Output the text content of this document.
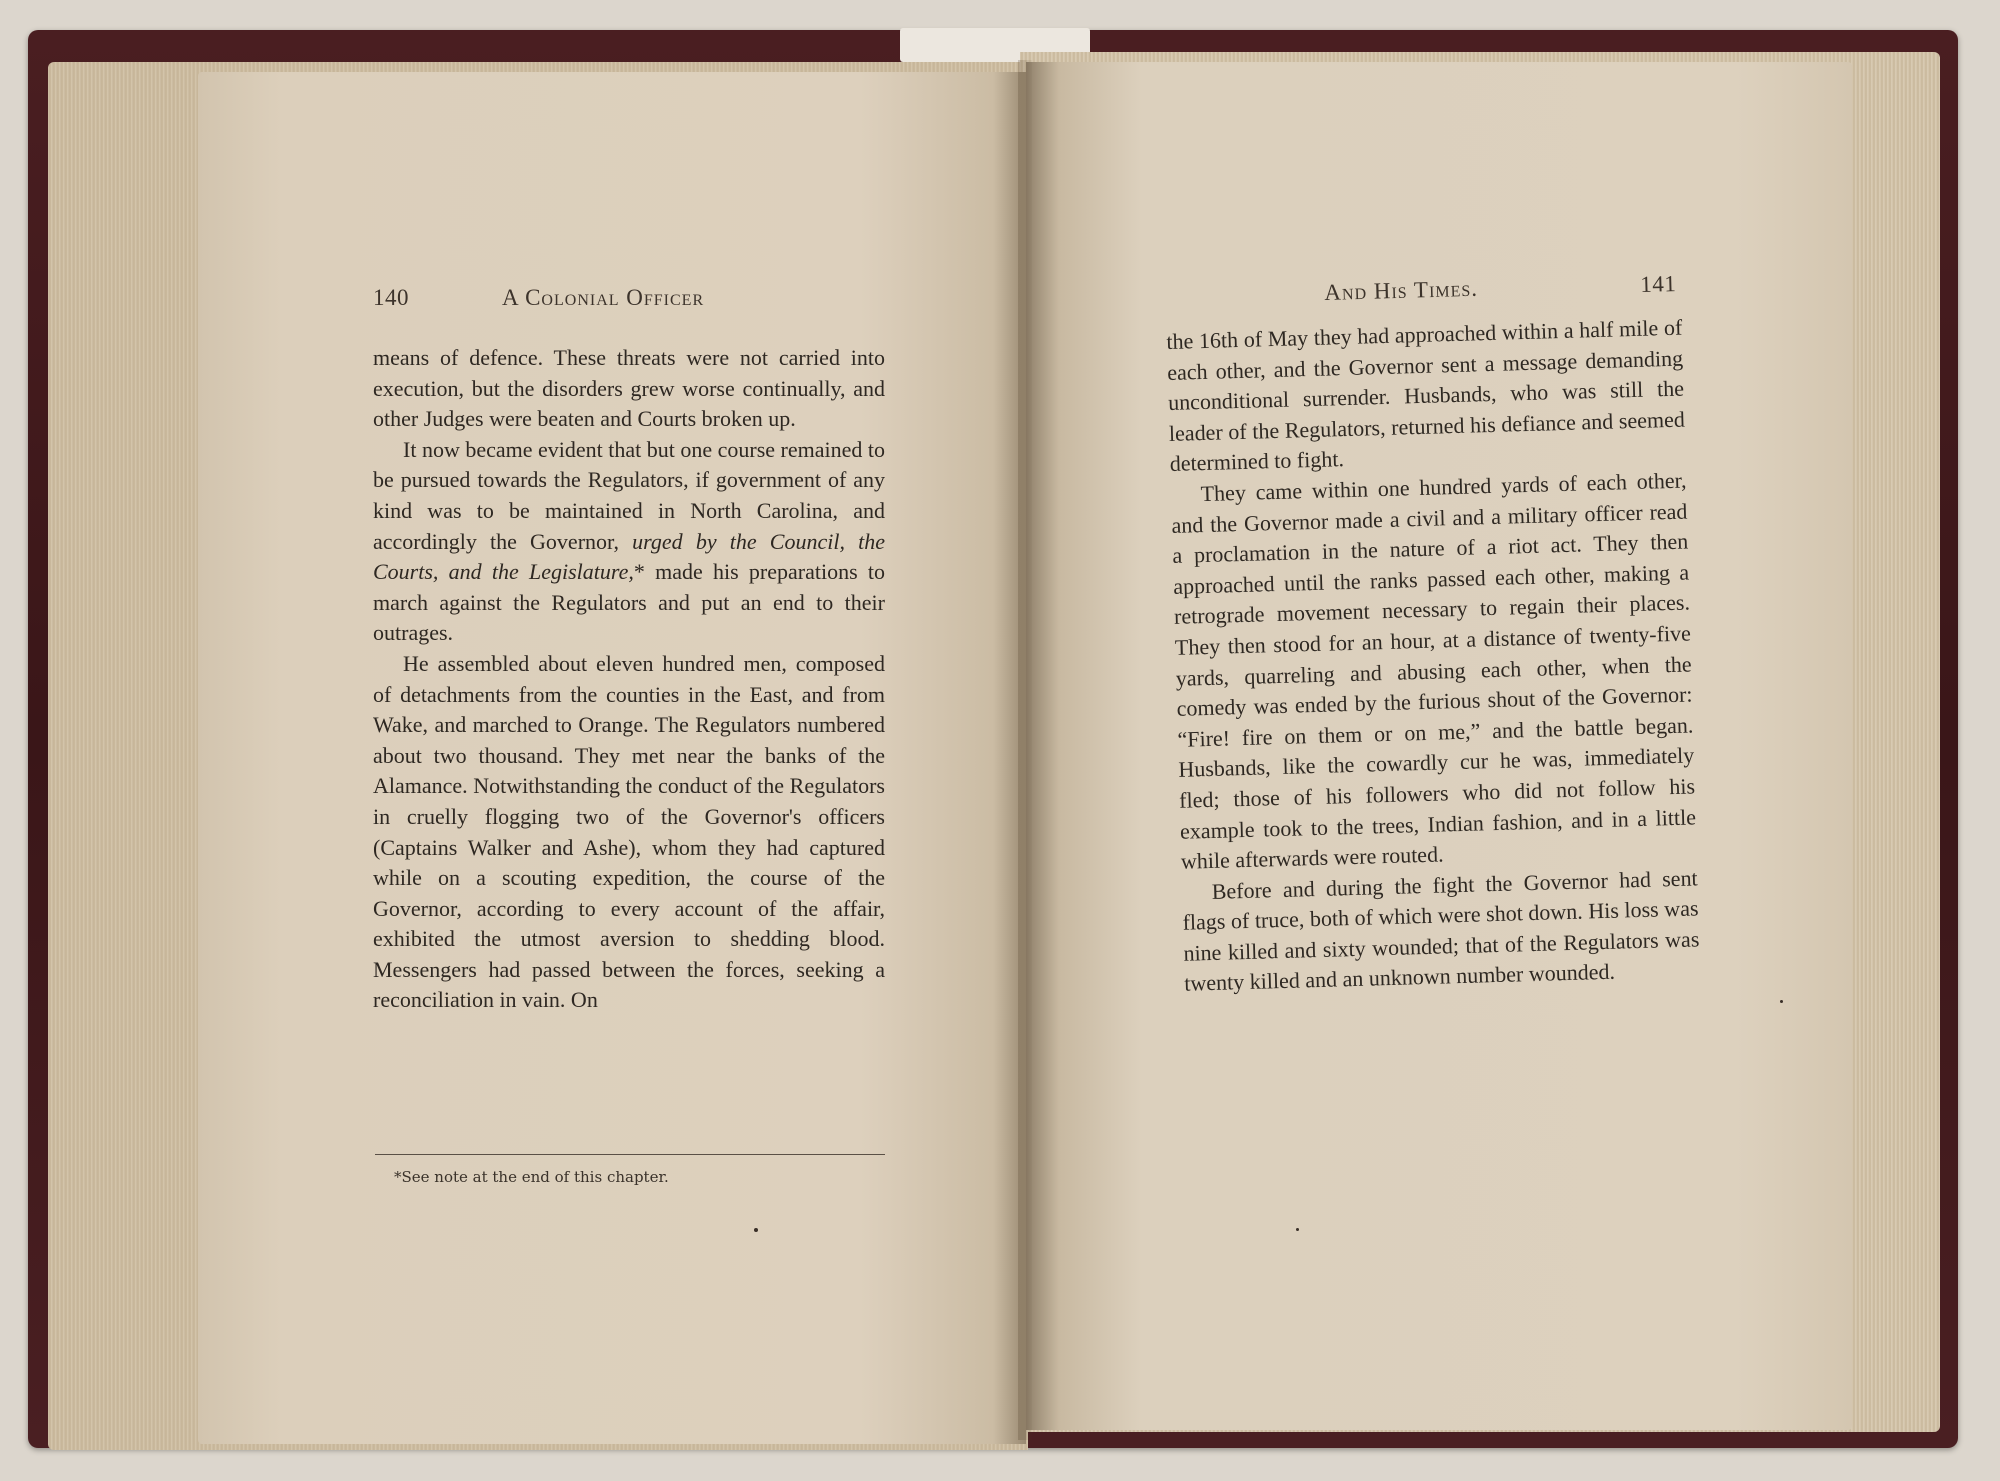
140	A Colonial Officer

means of defence. These threats were not carried into execution, but the disorders grew worse continually, and other Judges were beaten and Courts broken up.

It now became evident that but one course remained to be pursued towards the Regulators, if government of any kind was to be maintained in North Carolina, and accordingly the Governor, urged by the Council, the Courts, and the Legislature,* made his preparations to march against the Regulators and put an end to their outrages.

He assembled about eleven hundred men, composed of detachments from the counties in the East, and from Wake, and marched to Orange. The Regulators numbered about two thousand. They met near the banks of the Alamance. Notwithstanding the conduct of the Regulators in cruelly flogging two of the Governor's officers (Captains Walker and Ashe), whom they had captured while on a scouting expedition, the course of the Governor, according to every account of the affair, exhibited the utmost aversion to shedding blood. Messengers had passed between the forces, seeking a reconciliation in vain. On

*See note at the end of this chapter.
And His Times.	141

the 16th of May they had approached within a half mile of each other, and the Governor sent a message demanding unconditional surrender. Husbands, who was still the leader of the Regulators, returned his defiance and seemed determined to fight.

They came within one hundred yards of each other, and the Governor made a civil and a military officer read a proclamation in the nature of a riot act. They then approached until the ranks passed each other, making a retrograde movement necessary to regain their places. They then stood for an hour, at a distance of twenty-five yards, quarreling and abusing each other, when the comedy was ended by the furious shout of the Governor: “Fire! fire on them or on me,” and the battle began. Husbands, like the cowardly cur he was, immediately fled; those of his followers who did not follow his example took to the trees, Indian fashion, and in a little while afterwards were routed.

Before and during the fight the Governor had sent flags of truce, both of which were shot down. His loss was nine killed and sixty wounded; that of the Regulators was twenty killed and an unknown number wounded.
